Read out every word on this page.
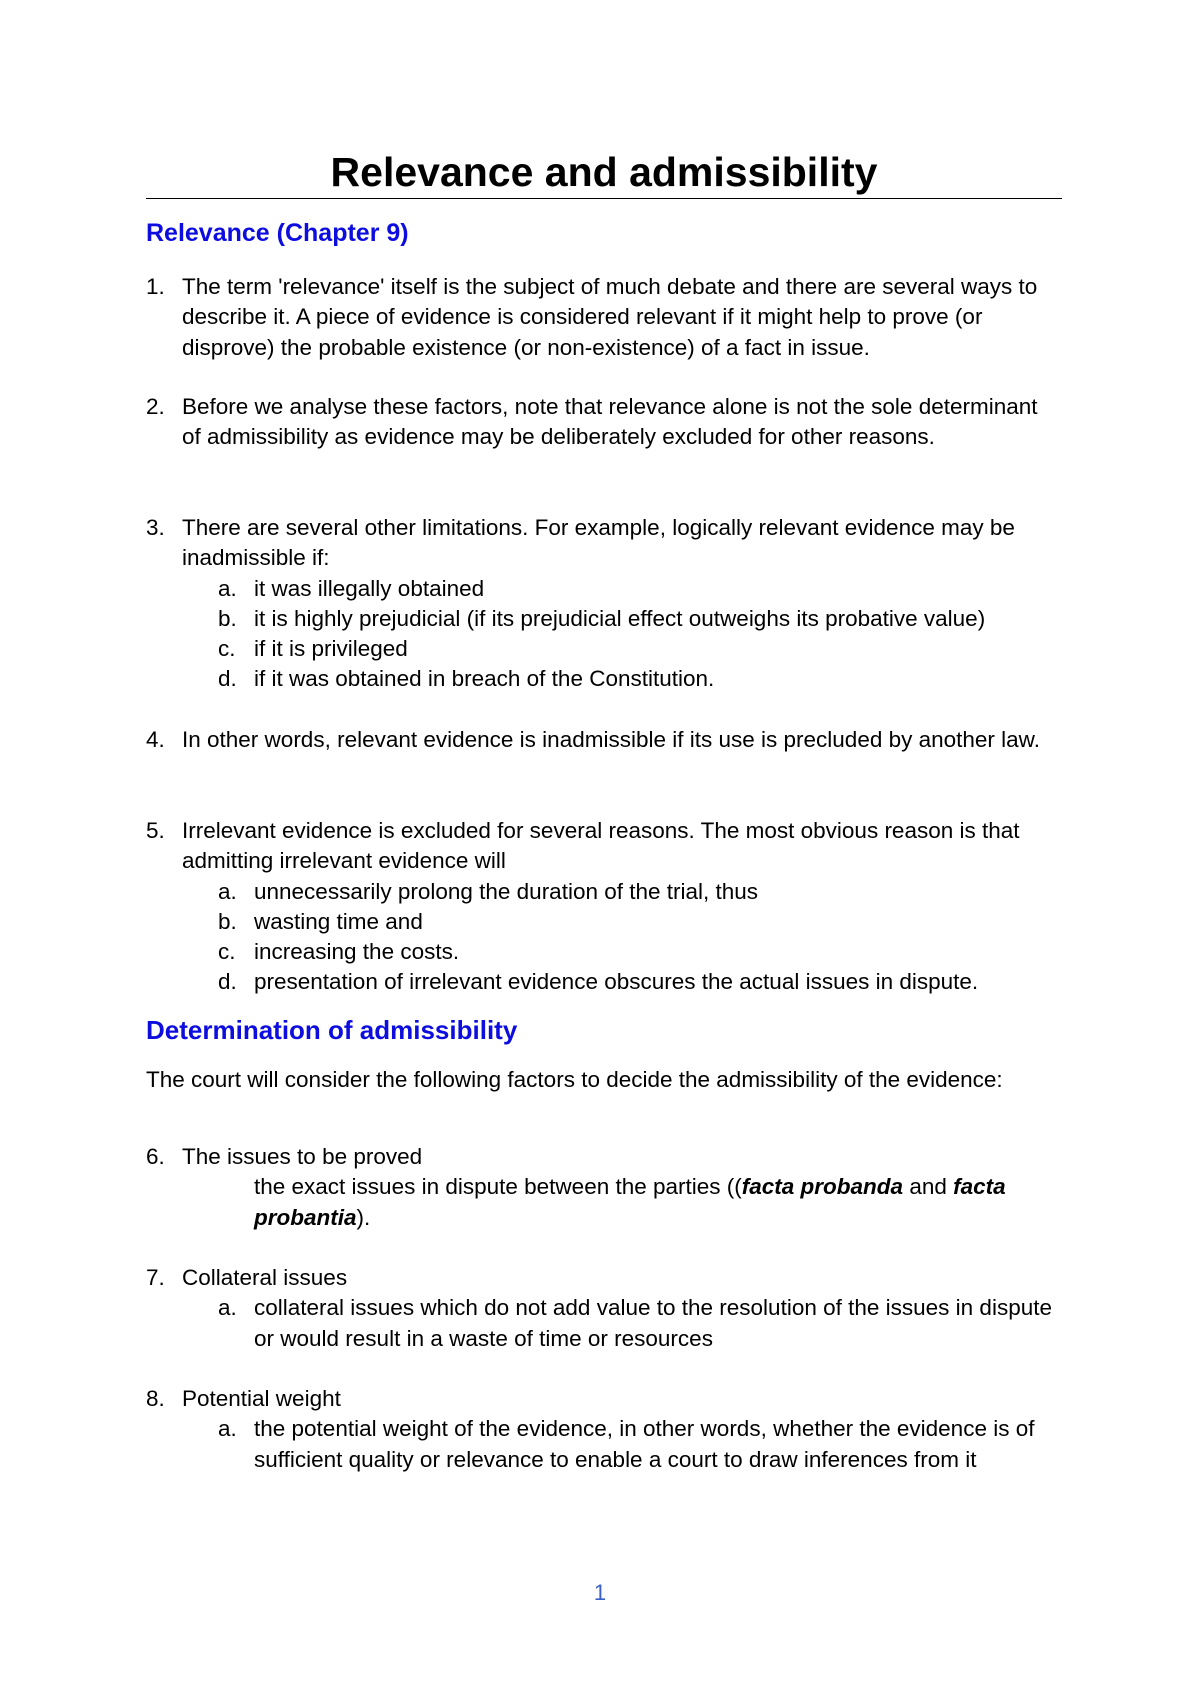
Relevance and admissibility
Relevance (Chapter 9)
1. The term 'relevance' itself is the subject of much debate and there are several ways to describe it. A piece of evidence is considered relevant if it might help to prove (or disprove) the probable existence (or non-existence) of a fact in issue.
2. Before we analyse these factors, note that relevance alone is not the sole determinant of admissibility as evidence may be deliberately excluded for other reasons.
3. There are several other limitations. For example, logically relevant evidence may be inadmissible if:
a. it was illegally obtained
b. it is highly prejudicial (if its prejudicial effect outweighs its probative value)
c. if it is privileged
d. if it was obtained in breach of the Constitution.
4. In other words, relevant evidence is inadmissible if its use is precluded by another law.
5. Irrelevant evidence is excluded for several reasons. The most obvious reason is that admitting irrelevant evidence will
a. unnecessarily prolong the duration of the trial, thus
b. wasting time and
c. increasing the costs.
d. presentation of irrelevant evidence obscures the actual issues in dispute.
Determination of admissibility
The court will consider the following factors to decide the admissibility of the evidence:
6. The issues to be proved
the exact issues in dispute between the parties ((facta probanda and facta probantia).
7. Collateral issues
a. collateral issues which do not add value to the resolution of the issues in dispute or would result in a waste of time or resources
8. Potential weight
a. the potential weight of the evidence, in other words, whether the evidence is of sufficient quality or relevance to enable a court to draw inferences from it
1
